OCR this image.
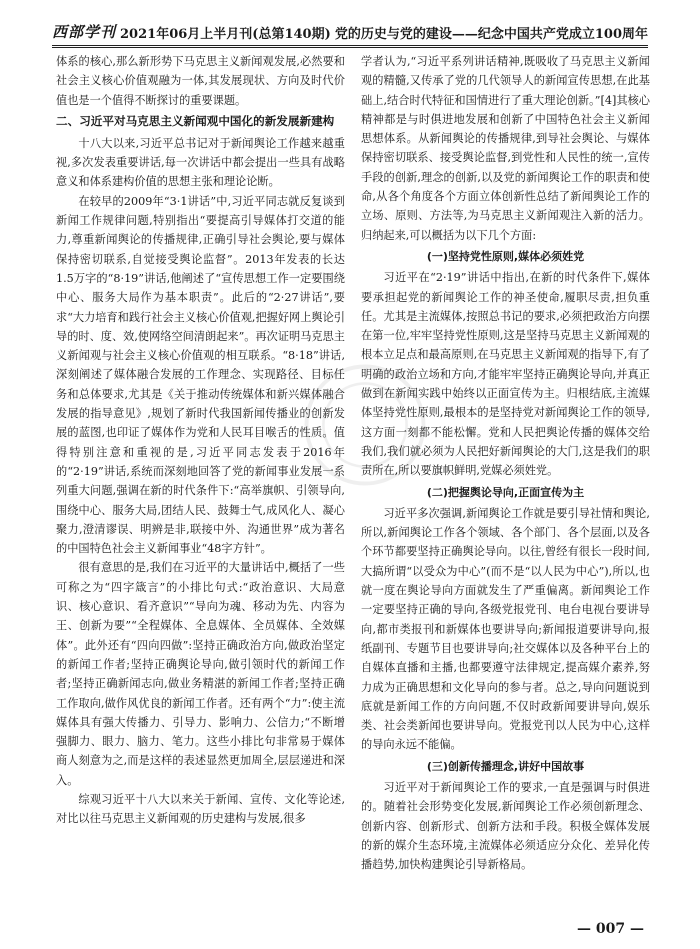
西部学刊 2021年06月上半月刊(总第140期) 党的历史与党的建设——纪念中国共产党成立100周年

体系的核心,那么新形势下马克思主义新闻观发展,必然要和社会主义核心价值观融为一体,其发展现状、方向及时代价值也是一个值得不断探讨的重要课题。

二、习近平对马克思主义新闻观中国化的新发展新建构

十八大以来,习近平总书记对于新闻舆论工作越来越重视,多次发表重要讲话,每一次讲话中都会提出一些具有战略意义和体系建构价值的思想主张和理论论断。

在较早的2009年“3·1讲话”中,习近平同志就反复谈到新闻工作规律问题,特别指出“要提高引导媒体打交道的能力,尊重新闻舆论的传播规律,正确引导社会舆论,要与媒体保持密切联系,自觉接受舆论监督”。2013年发表的长达1.5万字的“8·19”讲话,他阐述了“宣传思想工作一定要围绕中心、服务大局作为基本职责”。此后的“2·27讲话”,要求“大力培育和践行社会主义核心价值观,把握好网上舆论引导的时、度、效,使网络空间清朗起来”。再次证明马克思主义新闻观与社会主义核心价值观的相互联系。“8·18”讲话,深刻阐述了媒体融合发展的工作理念、实现路径、目标任务和总体要求,尤其是《关于推动传统媒体和新兴媒体融合发展的指导意见》,规划了新时代我国新闻传播业的创新发展的蓝图,也印证了媒体作为党和人民耳目喉舌的性质。值得特别注意和重视的是,习近平同志发表于2016年的“2·19”讲话,系统而深刻地回答了党的新闻事业发展一系列重大问题,强调在新的时代条件下:“高举旗帜、引领导向,围绕中心、服务大局,团结人民、鼓舞士气,成风化人、凝心聚力,澄清谬误、明辨是非,联接中外、沟通世界”成为著名的中国特色社会主义新闻事业“48字方针”。

很有意思的是,我们在习近平的大量讲话中,概括了一些可称之为“四字箴言”的小排比句式:“政治意识、大局意识、核心意识、看齐意识”“导向为魂、移动为先、内容为王、创新为要”“全程媒体、全息媒体、全员媒体、全效媒体”。此外还有“四向四做”:坚持正确政治方向,做政治坚定的新闻工作者;坚持正确舆论导向,做引领时代的新闻工作者;坚持正确新闻志向,做业务精湛的新闻工作者;坚持正确工作取向,做作风优良的新闻工作者。还有两个“力”:使主流媒体具有强大传播力、引导力、影响力、公信力;“不断增强脚力、眼力、脑力、笔力。这些小排比句非常易于媒体商人刻意为之,而是这样的表述显然更加周全,层层递进和深入。

综观习近平十八大以来关于新闻、宣传、文化等论述,对比以往马克思主义新闻观的历史建构与发展,很多

学者认为,“习近平系列讲话精神,既吸收了马克思主义新闻观的精髓,又传承了党的几代领导人的新闻宣传思想,在此基础上,结合时代特征和国情进行了重大理论创新。”[4]其核心精神都是与时俱进地发展和创新了中国特色社会主义新闻思想体系。从新闻舆论的传播规律,到导社会舆论、与媒体保持密切联系、接受舆论监督,到党性和人民性的统一,宣传手段的创新,理念的创新,以及党的新闻舆论工作的职责和使命,从各个角度各个方面立体创新性总结了新闻舆论工作的立场、原则、方法等,为马克思主义新闻观注入新的活力。归纳起来,可以概括为以下几个方面:

(一)坚持党性原则,媒体必须姓党

习近平在“2·19”讲话中指出,在新的时代条件下,媒体要承担起党的新闻舆论工作的神圣使命,履职尽责,担负重任。尤其是主流媒体,按照总书记的要求,必须把政治方向摆在第一位,牢牢坚持党性原则,这是坚持马克思主义新闻观的根本立足点和最高原则,在马克思主义新闻观的指导下,有了明确的政治立场和方向,才能牢牢坚持正确舆论导向,并真正做到在新闻实践中始终以正面宣传为主。归根结底,主流媒体坚持党性原则,最根本的是坚持党对新闻舆论工作的领导,这方面一刻都不能松懈。党和人民把舆论传播的媒体交给我们,我们就必须为人民把好新闻舆论的大门,这是我们的职责所在,所以要旗帜鲜明,党媒必须姓党。

(二)把握舆论导向,正面宣传为主

习近平多次强调,新闻舆论工作就是要引导社情和舆论,所以,新闻舆论工作各个领域、各个部门、各个层面,以及各个环节都要坚持正确舆论导向。以往,曾经有很长一段时间,大搞所谓“以受众为中心”(而不是“以人民为中心”),所以,也就一度在舆论导向方面就发生了严重偏离。新闻舆论工作一定要坚持正确的导向,各级党报党刊、电台电视台要讲导向,都市类报刊和新媒体也要讲导向;新闻报道要讲导向,报纸副刊、专题节目也要讲导向;社交媒体以及各种平台上的自媒体直播和主播,也都要遵守法律规定,提高媒介素养,努力成为正确思想和文化导向的参与者。总之,导向问题说到底就是新闻工作的方向问题,不仅时政新闻要讲导向,娱乐类、社会类新闻也要讲导向。党报党刊以人民为中心,这样的导向永远不能偏。

(三)创新传播理念,讲好中国故事

习近平对于新闻舆论工作的要求,一直是强调与时俱进的。随着社会形势变化发展,新闻舆论工作必须创新理念、创新内容、创新形式、创新方法和手段。积极全媒体发展的新的媒介生态环境,主流媒体必须适应分众化、差异化传播趋势,加快构建舆论引导新格局。

— 007 —
